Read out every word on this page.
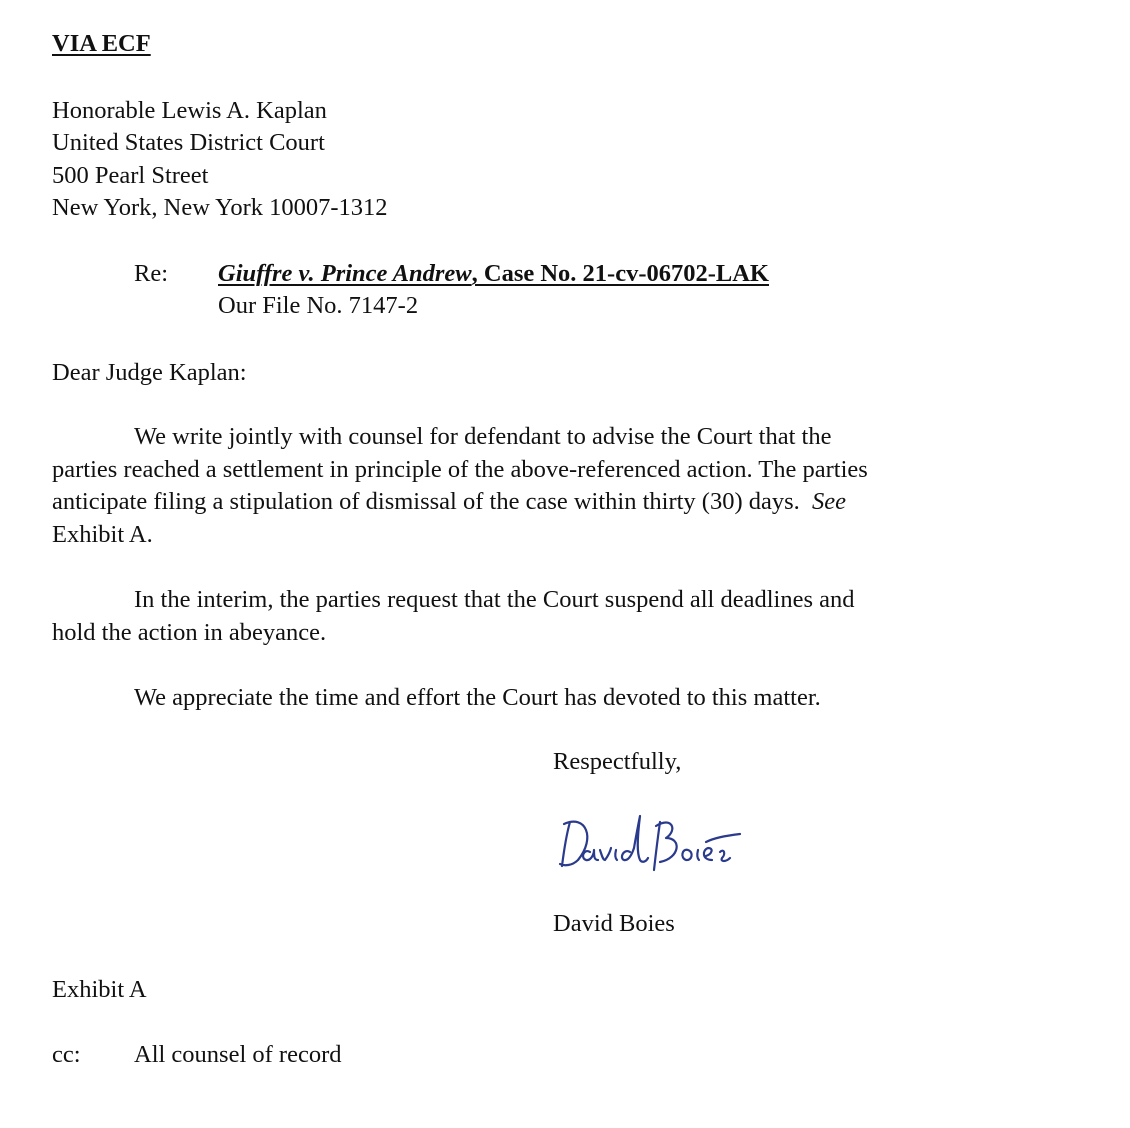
VIA ECF
Honorable Lewis A. Kaplan
United States District Court
500 Pearl Street
New York, New York 10007-1312
Re: Giuffre v. Prince Andrew, Case No. 21-cv-06702-LAK
Our File No. 7147-2
Dear Judge Kaplan:
We write jointly with counsel for defendant to advise the Court that the
parties reached a settlement in principle of the above-referenced action. The parties
anticipate filing a stipulation of dismissal of the case within thirty (30) days.  See
Exhibit A.
In the interim, the parties request that the Court suspend all deadlines and
hold the action in abeyance.
We appreciate the time and effort the Court has devoted to this matter.
Respectfully,
David Boies
Exhibit A
cc: All counsel of record
